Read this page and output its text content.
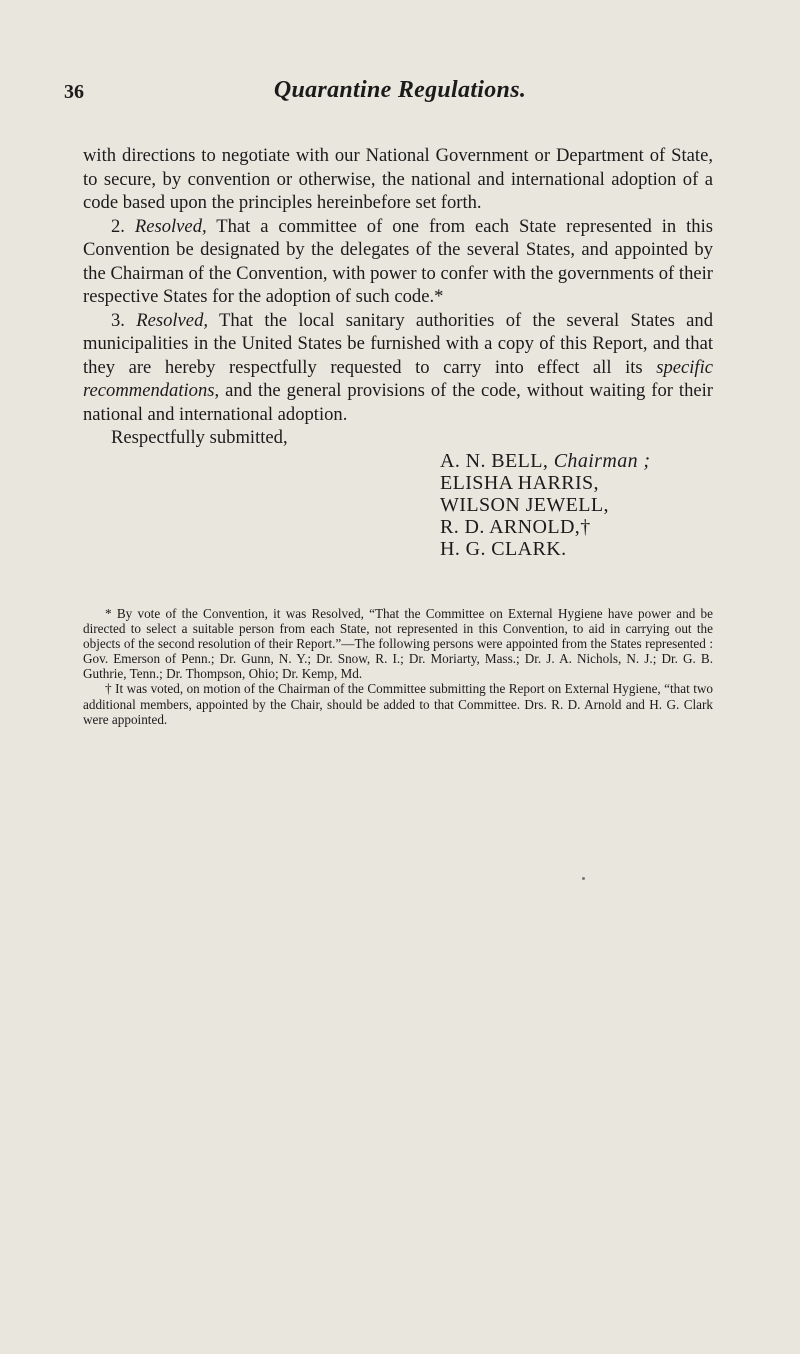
36	Quarantine Regulations.

with directions to negotiate with our National Government or Department of State, to secure, by convention or otherwise, the national and international adoption of a code based upon the principles hereinbefore set forth.

2. Resolved, That a committee of one from each State represented in this Convention be designated by the delegates of the several States, and appointed by the Chairman of the Convention, with power to confer with the governments of their respective States for the adoption of such code.*

3. Resolved, That the local sanitary authorities of the several States and municipalities in the United States be furnished with a copy of this Report, and that they are hereby respectfully requested to carry into effect all its specific recommendations, and the general provisions of the code, without waiting for their national and international adoption.

Respectfully submitted,

A. N. BELL, Chairman ;
ELISHA HARRIS,
WILSON JEWELL,
R. D. ARNOLD,†
H. G. CLARK.

* By vote of the Convention, it was Resolved, “That the Committee on External Hygiene have power and be directed to select a suitable person from each State, not represented in this Convention, to aid in carrying out the objects of the second resolution of their Report.”—The following persons were appointed from the States represented : Gov. Emerson of Penn.; Dr. Gunn, N. Y.; Dr. Snow, R. I.; Dr. Moriarty, Mass.; Dr. J. A. Nichols, N. J.; Dr. G. B. Guthrie, Tenn.; Dr. Thompson, Ohio; Dr. Kemp, Md.

† It was voted, on motion of the Chairman of the Committee submitting the Report on External Hygiene, “that two additional members, appointed by the Chair, should be added to that Committee. Drs. R. D. Arnold and H. G. Clark were appointed.
